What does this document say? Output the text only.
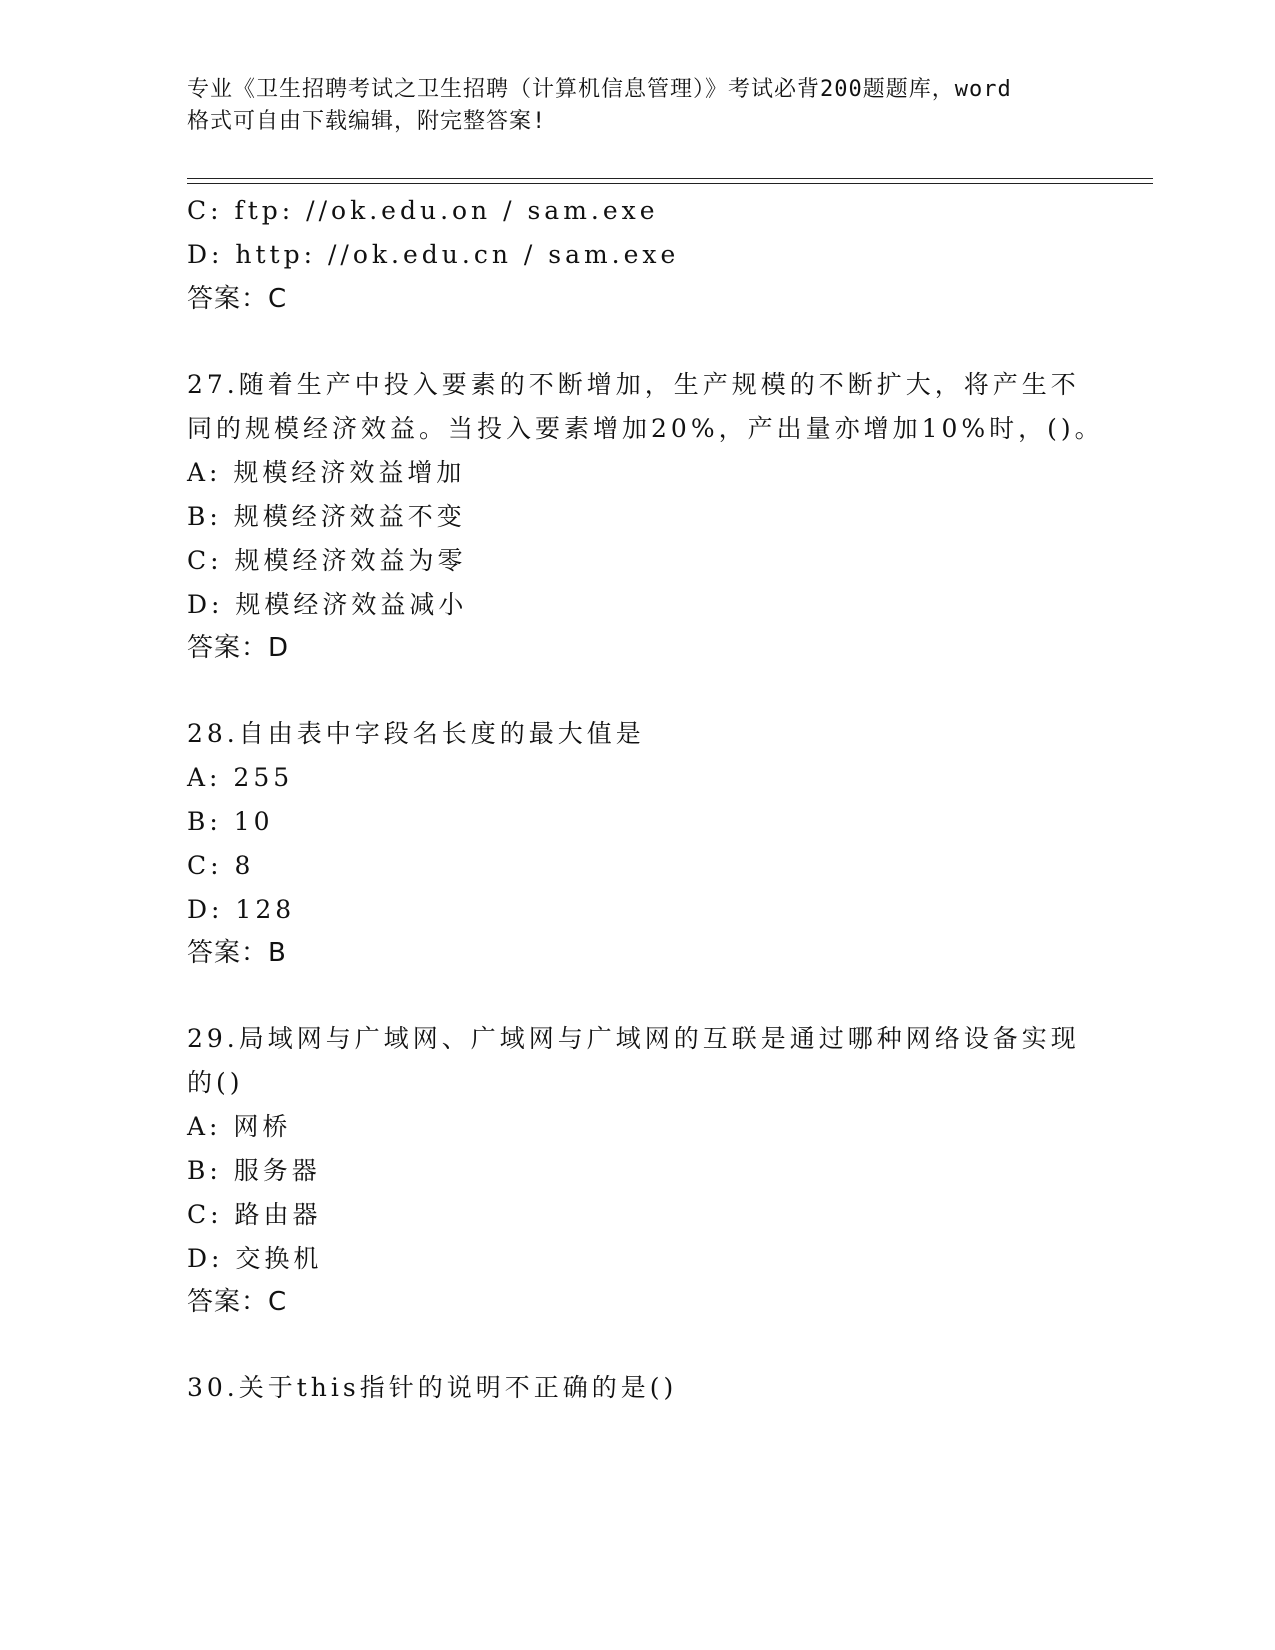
专业《卫生招聘考试之卫生招聘（计算机信息管理）》考试必背200题题库，word
格式可自由下载编辑，附完整答案!
C: ftp: //ok.edu.on / sam.exe
D: http: //ok.edu.cn / sam.exe
答案：C
27.随着生产中投入要素的不断增加，生产规模的不断扩大，将产生不
同的规模经济效益。当投入要素增加20%，产出量亦增加10%时，()。
A: 规模经济效益增加
B: 规模经济效益不变
C: 规模经济效益为零
D: 规模经济效益减小
答案：D
28.自由表中字段名长度的最大值是
A: 255
B: 10
C: 8
D: 128
答案：B
29.局域网与广域网、广域网与广域网的互联是通过哪种网络设备实现
的()
A: 网桥
B: 服务器
C: 路由器
D: 交换机
答案：C
30.关于this指针的说明不正确的是()
